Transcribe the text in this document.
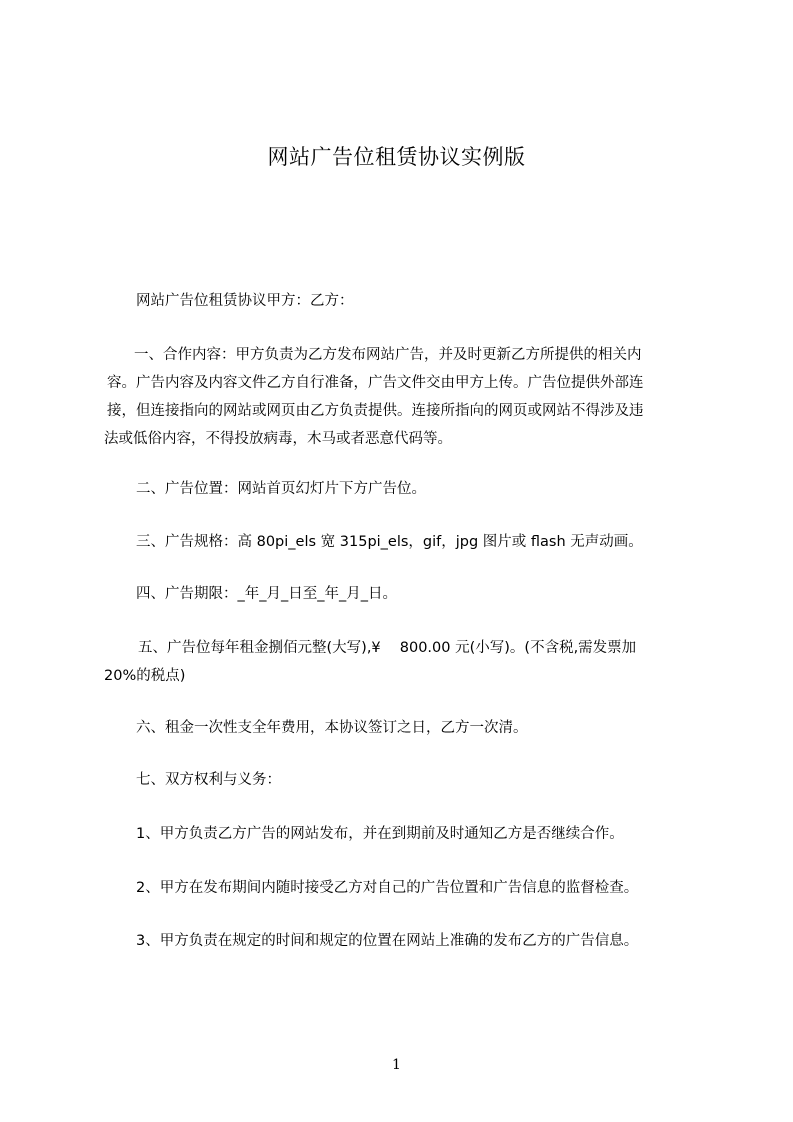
网站广告位租赁协议实例版
网站广告位租赁协议甲方：乙方：
一、合作内容：甲方负责为乙方发布网站广告，并及时更新乙方所提供的相关内
容。广告内容及内容文件乙方自行准备，广告文件交由甲方上传。广告位提供外部连
接，但连接指向的网站或网页由乙方负责提供。连接所指向的网页或网站不得涉及违
法或低俗内容，不得投放病毒，木马或者恶意代码等。
二、广告位置：网站首页幻灯片下方广告位。
三、广告规格：高 80pi_els 宽 315pi_els，gif，jpg 图片或 flash 无声动画。
四、广告期限：_年_月_日至_年_月_日。
五、广告位每年租金捌佰元整(大写),¥　 800.00 元(小写)。(不含税,需发票加
20%的税点)
六、租金一次性支全年费用，本协议签订之日，乙方一次清。
七、双方权利与义务：
1、甲方负责乙方广告的网站发布，并在到期前及时通知乙方是否继续合作。
2、甲方在发布期间内随时接受乙方对自己的广告位置和广告信息的监督检查。
3、甲方负责在规定的时间和规定的位置在网站上准确的发布乙方的广告信息。
1
